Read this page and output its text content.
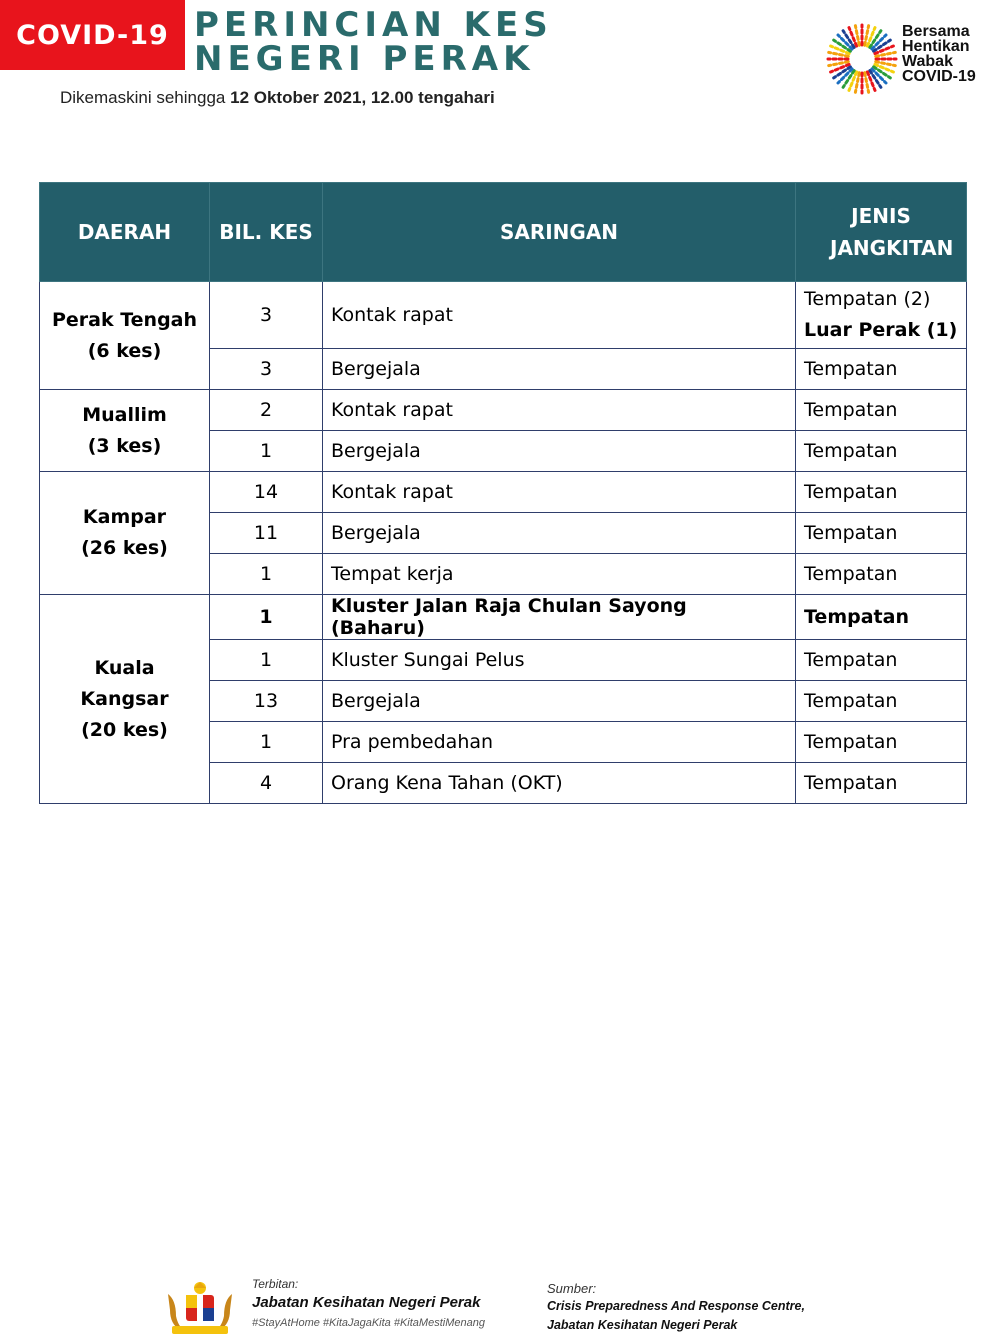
COVID-19 PERINCIAN KES
NEGERI PERAK
Dikemaskini sehingga 12 Oktober 2021, 12.00 tengahari
Bersama
Hentikan
Wabak
COVID-19
DAERAH	BIL. KES	SARINGAN	JENIS JANGKITAN

Perak Tengah
(6 kes)	3	Kontak rapat	Tempatan (2)
Luar Perak (1)

	3	Bergejala	Tempatan

Muallim
(3 kes)	2	Kontak rapat	Tempatan
	1	Bergejala	Tempatan

Kampar
(26 kes)	14	Kontak rapat	Tempatan
	11	Bergejala	Tempatan
	1	Tempat kerja	Tempatan

Kuala Kangsar
(20 kes)	1	Kluster Jalan Raja Chulan Sayong (Baharu)	Tempatan
	1	Kluster Sungai Pelus	Tempatan
	13	Bergejala	Tempatan
	1	Pra pembedahan	Tempatan
	4	Orang Kena Tahan (OKT)	Tempatan
Terbitan:
Jabatan Kesihatan Negeri Perak
#StayAtHome #KitaJagaKita #KitaMestiMenang
Sumber:
Crisis Preparedness And Response Centre,
Jabatan Kesihatan Negeri Perak
